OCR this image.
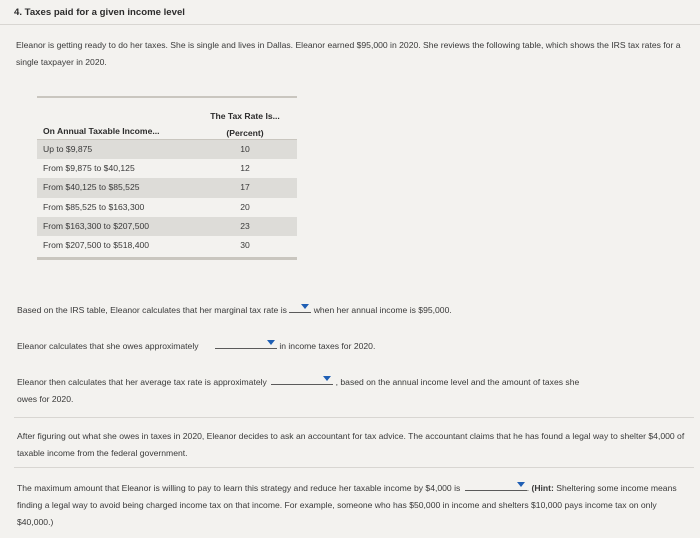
4. Taxes paid for a given income level
Eleanor is getting ready to do her taxes. She is single and lives in Dallas. Eleanor earned $95,000 in 2020. She reviews the following table, which shows the IRS tax rates for a single taxpayer in 2020.
On Annual Taxable Income...
The Tax Rate Is...
(Percent)
Up to $9,875	10
From $9,875 to $40,125	12
From $40,125 to $85,525	17
From $85,525 to $163,300	20
From $163,300 to $207,500	23
From $207,500 to $518,400	30
Based on the IRS table, Eleanor calculates that her marginal tax rate is	when her annual income is $95,000.
Eleanor calculates that she owes approximately	in income taxes for 2020.
Eleanor then calculates that her average tax rate is approximately	, based on the annual income level and the amount of taxes she
owes for 2020.
After figuring out what she owes in taxes in 2020, Eleanor decides to ask an accountant for tax advice. The accountant claims that he has found a legal way to shelter $4,000 of taxable income from the federal government.
The maximum amount that Eleanor is willing to pay to learn this strategy and reduce her taxable income by $4,000 is	. (Hint: Sheltering some income means finding a legal way to avoid being charged income tax on that income. For example, someone who has $50,000 in income and shelters $10,000 pays income tax on only $40,000.)
